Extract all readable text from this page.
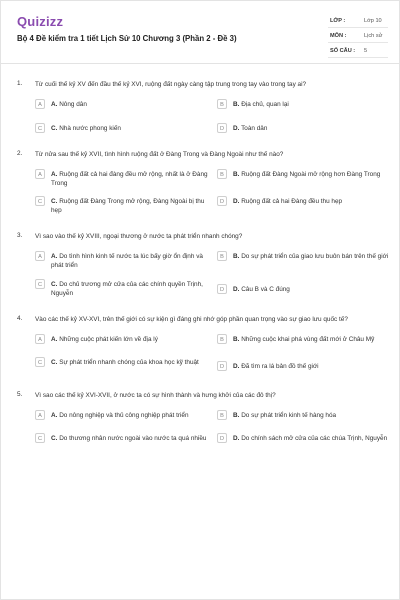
Quizizz
Bộ 4 Đề kiểm tra 1 tiết Lịch Sử 10 Chương 3 (Phần 2 - Đề 3)
LỚP :	Lớp 10
MÔN :	Lịch sử
SỐ CÂU : 5
1. Từ cuối thế kỷ XV đến đầu thế kỷ XVI, ruộng đất ngày càng tập trung trong tay vào trong tay ai?
A	A. Nông dân	B	B. Địa chủ, quan lại
C	C. Nhà nước phong kiến	D	D. Toàn dân
2. Từ nửa sau thế kỷ XVII, tình hình ruộng đất ở Đàng Trong và Đàng Ngoài như thế nào?
A	A. Ruộng đất cả hai đàng đều mở rộng, nhất là ở Đàng Trong
B	B. Ruộng đất Đàng Ngoài mở rộng hơn Đàng Trong
C	C. Ruộng đất Đàng Trong mở rộng, Đàng Ngoài bị thu hẹp
D	D. Ruộng đất cả hai Đàng đều thu hẹp
3. Vì sao vào thế kỷ XVIII, ngoại thương ở nước ta phát triển nhanh chóng?
A	A. Do tình hình kinh tế nước ta lúc bấy giờ ổn định và phát triển
B	B. Do sự phát triển của giao lưu buôn bán trên thế giới
C	C. Do chủ trương mở cửa của các chính quyền Trịnh, Nguyễn	D	D. Câu B và C đúng
4. Vào các thế kỷ XV-XVI, trên thế giới có sự kiện gì đáng ghi nhớ góp phần quan trọng vào sự giao lưu quốc tế?
A	A. Những cuộc phát kiến lớn về địa lý	B	B. Những cuộc khai phá vùng đất mới ở Châu Mỹ
C	C. Sự phát triển nhanh chóng của khoa học kỹ thuật
D	D. Đã tìm ra lá bản đồ thế giới
5. Vì sao các thế kỷ XVI-XVII, ở nước ta có sự hình thành và hưng khởi của các đô thị?
A	A. Do nông nghiệp và thủ công nghiệp phát triển	B	B. Do sự phát triển kinh tế hàng hóa
C	C. Do thương nhân nước ngoài vào nước ta quá nhiều	D	D. Do chính sách mở cửa của các chúa Trịnh, Nguyễn
